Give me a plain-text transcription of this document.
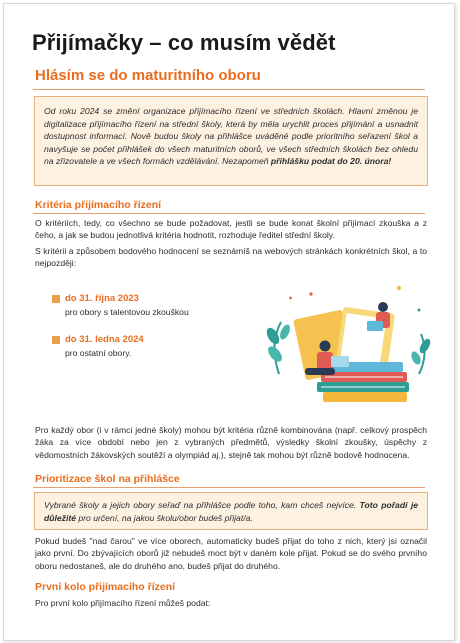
Přijímačky – co musím vědět
Hlásím se do maturitního oboru
Od roku 2024 se změní organizace přijímacího řízení ve středních školách. Hlavní změnou je digitalizace přijímacího řízení na střední školy, která by měla urychlit proces přijímání a usnadnit dostupnost informací. Nově budou školy na přihlášce uváděné podle prioritního seřazení škol a navyšuje se počet přihlášek do všech maturitních oborů, ve všech středních školách bez ohledu na zřizovatele a ve všech formách vzdělávání. Nezapomeň přihlášku podat do 20. února!
Kritéria přijímacího řízení
O kritériích, tedy, co všechno se bude požadovat, jestli se bude konat školní přijímací zkouška a z čeho, a jak se budou jednotlivá kritéria hodnotit, rozhoduje ředitel střední školy.
S kritérii a způsobem bodového hodnocení se seznámíš na webových stránkách konkrétních škol, a to nejpozději:
do 31. října 2023
pro obory s talentovou zkouškou
do 31. ledna 2024
pro ostatní obory.
Pro každý obor (i v rámci jedné školy) mohou být kritéria různě kombinována (např. celkový prospěch žáka za více období nebo jen z vybraných předmětů, výsledky školní zkoušky, úspěchy z vědomostních žákovských soutěží a olympiád aj.), stejně tak mohou být různě bodově hodnocena.
Prioritizace škol na přihlášce
Vybrané školy a jejich obory seřaď na přihlášce podle toho, kam chceš nejvíce. Toto pořadí je důležité pro určení, na jakou školu/obor budeš přijat/a.
Pokud budeš "nad čarou" ve více oborech, automaticky budeš přijat do toho z nich, který jsi označil jako první. Do zbývajících oborů již nebudeš moct být v daném kole přijat. Pokud se do svého prvního oboru nedostaneš, ale do druhého ano, budeš přijat do druhého.
První kolo přijímacího řízení
Pro první kolo přijímacího řízení můžeš podat:
